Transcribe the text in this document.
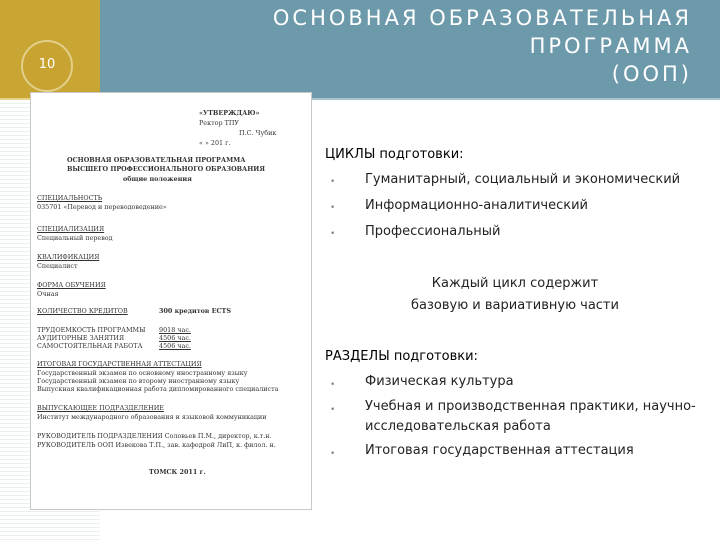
10
ОСНОВНАЯ ОБРАЗОВАТЕЛЬНАЯ
ПРОГРАММА
(ООП)
«УТВЕРЖДАЮ»
Ректор ТПУ
П.С. Чубик
« » 201 г.
ОСНОВНАЯ ОБРАЗОВАТЕЛЬНАЯ ПРОГРАММА
ВЫСШЕГО ПРОФЕССИОНАЛЬНОГО ОБРАЗОВАНИЯ
общие положения
СПЕЦИАЛЬНОСТЬ
035701 «Перевод и переводоведение»
СПЕЦИАЛИЗАЦИЯ
Специальный перевод
КВАЛИФИКАЦИЯ
Специалист
ФОРМА ОБУЧЕНИЯ
Очная
КОЛИЧЕСТВО КРЕДИТОВ	300 кредитов ECTS
ТРУДОЕМКОСТЬ ПРОГРАММЫ 9018 час.
АУДИТОРНЫЕ ЗАНЯТИЯ	4506 час.
САМОСТОЯТЕЛЬНАЯ РАБОТА	4506 час.
ИТОГОВАЯ ГОСУДАРСТВЕННАЯ АТТЕСТАЦИЯ
Государственный экзамен по основному иностранному языку
Государственный экзамен по второму иностранному языку
Выпускная квалификационная работа дипломированного специалиста
ВЫПУСКАЮЩЕЕ ПОДРАЗДЕЛЕНИЕ
Институт международного образования и языковой коммуникации
РУКОВОДИТЕЛЬ ПОДРАЗДЕЛЕНИЯ Соловьев П.М., директор, к.т.н.
РУКОВОДИТЕЛЬ ООП Извекова Т.П., зав. кафедрой ЛиП, к. филол. н.
ТОМСК 2011 г.
ЦИКЛЫ подготовки:
• Гуманитарный, социальный и экономический
• Информационно-аналитический
• Профессиональный
Каждый цикл содержит
базовую и вариативную части
РАЗДЕЛЫ подготовки:
• Физическая культура
• Учебная и производственная практики, научно-исследовательская работа
• Итоговая государственная аттестация
